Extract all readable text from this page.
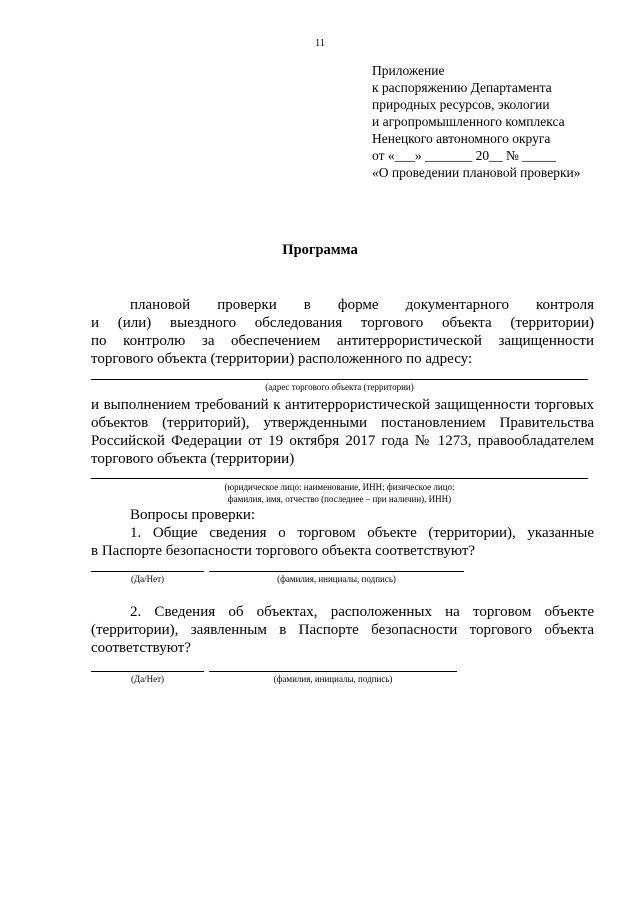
11
Приложение
к распоряжению Департамента
природных ресурсов, экологии
и агропромышленного комплекса
Ненецкого автономного округа
от «___» _______ 20__ № _____
«О проведении плановой проверки»
Программа
плановой проверки в форме документарного контроля
и (или) выездного обследования торгового объекта (территории)
по контролю за обеспечением антитеррористической защищенности
торгового объекта (территории) расположенного по адресу:
(адрес торгового объекта (территории)
и выполнением требований к антитеррористической защищенности торговых
объектов (территорий), утвержденными постановлением Правительства
Российской Федерации от 19 октября 2017 года № 1273, правообладателем
торгового объекта (территории)
(юридическое лицо: наименование, ИНН; физическое лицо:
фамилия, имя, отчество (последнее – при наличии), ИНН)
Вопросы проверки:
1. Общие сведения о торговом объекте (территории), указанные
в Паспорте безопасности торгового объекта соответствуют?
(Да/Нет)	(фамилия, инициалы, подпись)
2. Сведения об объектах, расположенных на торговом объекте
(территории), заявленным в Паспорте безопасности торгового объекта
соответствуют?
(Да/Нет)	(фамилия, инициалы, подпись)
